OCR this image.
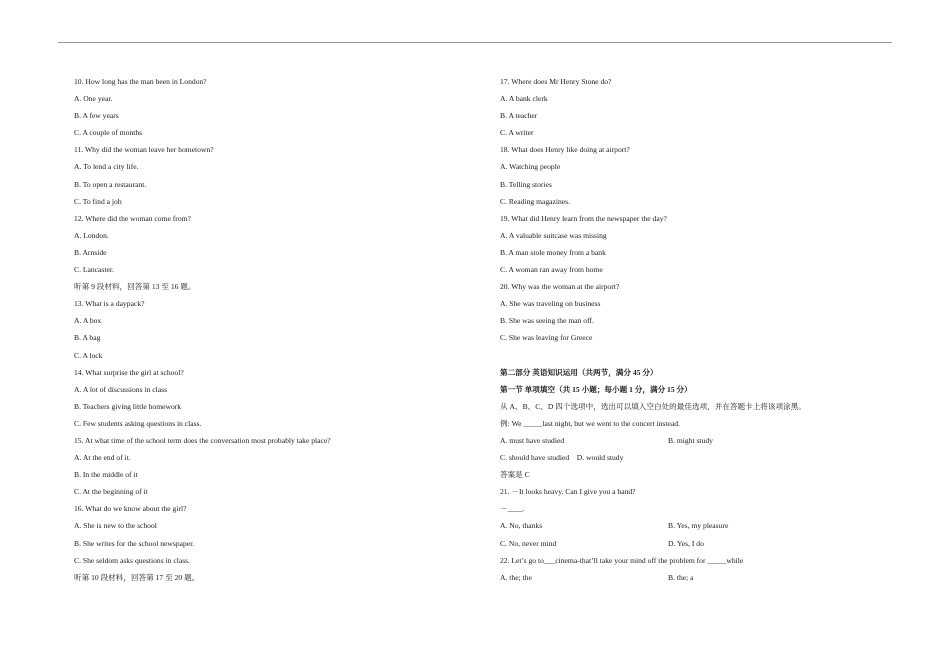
10. How long has the man been in London?
A. One year.
B. A few years
C. A couple of months
11. Why did the woman leave her hometown?
A. To lend a city life.
B. To open a restaurant.
C. To find a job
12. Where did the woman come from?
A. London.
B. Arnside
C. Lancaster.
听第 9 段材料，回答第 13 至 16 题。
13. What is a daypack?
A. A box
B. A bag
C. A lock
14. What surprise the girl at school?
A. A lot of discussions in class
B. Teachers giving little homework
C. Few students asking questions in class.
15. At what time of the school term does the conversation most probably take place?
A. At the end of it.
B. In the middle of it
C. At the beginning of it
16. What do we know about the girl?
A. She is new to the school
B. She writes for the school newspaper.
C. She seldom asks questions in class.
听第 10 段材料，回答第 17 至 20 题。
17. Where does Mr Henry Stone do?
A. A bank clerk
B. A teacher
C. A writer
18. What does Henry like doing at airport?
A. Watching people
B. Telling stories
C. Reading magazines.
19. What did Henry learn from the newspaper the day?
A. A valuable suitcase was missing
B. A man stole money from a bank
C. A woman ran away from home
20. Why was the woman at the airport?
A. She was traveling on business
B. She was seeing the man off.
C. She was leaving for Greece
第二部分 英语知识运用（共两节，满分 45 分）
第一节 单项填空（共 15 小题；每小题 1 分，满分 15 分）
从 A、B、C、D 四个选项中，选出可以填入空白处的最佳选项，并在答题卡上将该项涂黑。
例: We _____last night, but we went to the concert instead.
A. must have studied	B. might study
C. should have studied    D. would study
答案是 C
21. －It looks heavy. Can I give you a hand?
－____.
A. No, thanks	B. Yes, my pleasure
C. No, never mind	D. Yes, I do
22. Let’s go to___cinema-that’ll take your mind off the problem for _____while
A. the; the	B. the; a
